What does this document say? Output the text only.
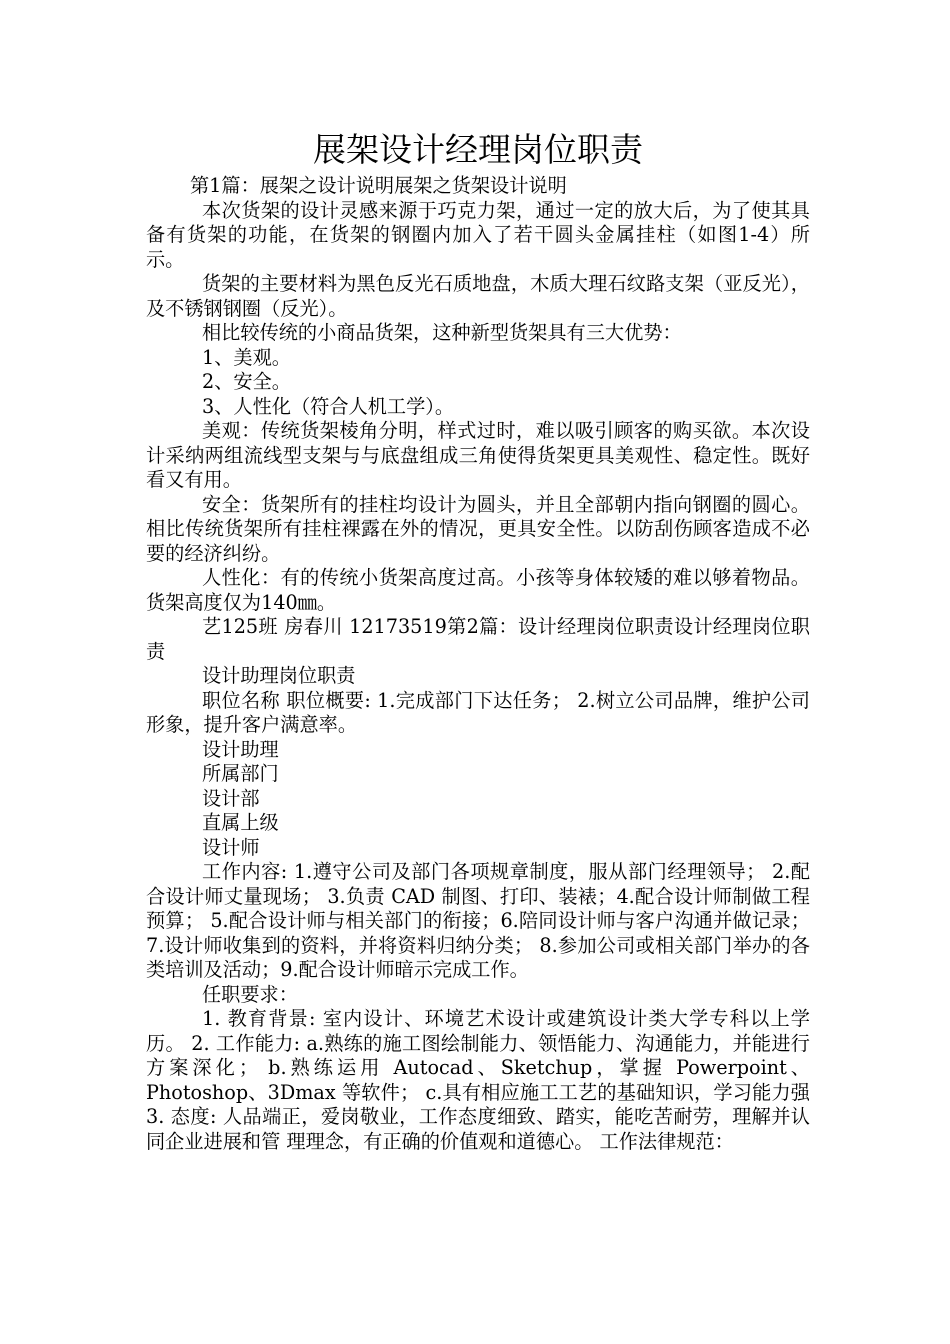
展架设计经理岗位职责

第1篇：展架之设计说明展架之货架设计说明

本次货架的设计灵感来源于巧克力架，通过一定的放大后，为了使其具备有货架的功能，在货架的钢圈内加入了若干圆头金属挂柱（如图1-4）所示。

货架的主要材料为黑色反光石质地盘，木质大理石纹路支架（亚反光），及不锈钢钢圈（反光）。

相比较传统的小商品货架，这种新型货架具有三大优势：

1、美观。

2、安全。

3、人性化（符合人机工学）。

美观：传统货架棱角分明，样式过时，难以吸引顾客的购买欲。本次设计采纳两组流线型支架与与底盘组成三角使得货架更具美观性、稳定性。既好看又有用。

安全：货架所有的挂柱均设计为圆头，并且全部朝内指向钢圈的圆心。相比传统货架所有挂柱裸露在外的情况，更具安全性。以防刮伤顾客造成不必要的经济纠纷。

人性化：有的传统小货架高度过高。小孩等身体较矮的难以够着物品。货架高度仅为140㎜。

艺125班 房春川 12173519第2篇：设计经理岗位职责设计经理岗位职责

设计助理岗位职责

职位名称 职位概要: 1.完成部门下达任务； 2.树立公司品牌，维护公司形象，提升客户满意率。

设计助理

所属部门

设计部

直属上级

设计师

工作内容: 1.遵守公司及部门各项规章制度，服从部门经理领导； 2.配合设计师丈量现场； 3.负责 CAD 制图、打印、装裱；4.配合设计师制做工程预算； 5.配合设计师与相关部门的衔接；6.陪同设计师与客户沟通并做记录； 7.设计师收集到的资料，并将资料归纳分类； 8.参加公司或相关部门举办的各类培训及活动；9.配合设计师暗示完成工作。

任职要求：

1. 教育背景: 室内设计、环境艺术设计或建筑设计类大学专科以上学历。 2. 工作能力: a.熟练的施工图绘制能力、领悟能力、沟通能力，并能进行方案深化； b.熟练运用 Autocad、Sketchup，掌握 Powerpoint、Photoshop、3Dmax 等软件； c.具有相应施工工艺的基础知识，学习能力强 3. 态度: 人品端正，爱岗敬业，工作态度细致、踏实，能吃苦耐劳，理解并认同企业进展和管 理理念，有正确的价值观和道德心。 工作法律规范：
